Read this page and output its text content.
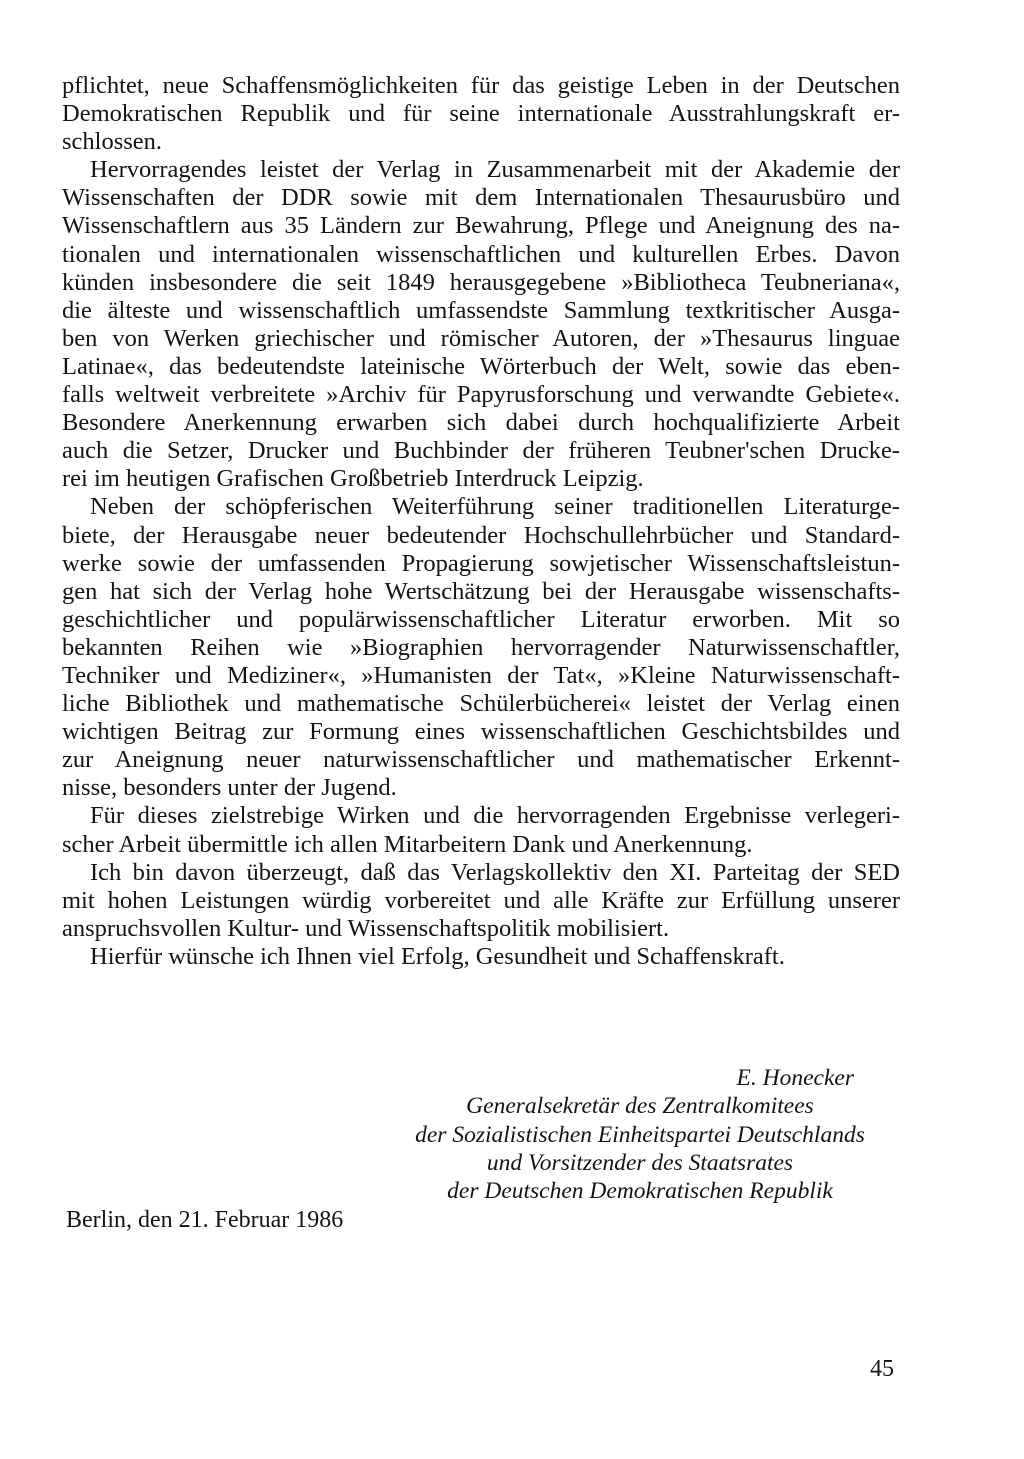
pflichtet, neue Schaffensmöglichkeiten für das geistige Leben in der Deutschen
Demokratischen Republik und für seine internationale Ausstrahlungskraft er-
schlossen.
Hervorragendes leistet der Verlag in Zusammenarbeit mit der Akademie der
Wissenschaften der DDR sowie mit dem Internationalen Thesaurusbüro und
Wissenschaftlern aus 35 Ländern zur Bewahrung, Pflege und Aneignung des na-
tionalen und internationalen wissenschaftlichen und kulturellen Erbes. Davon
künden insbesondere die seit 1849 herausgegebene »Bibliotheca Teubneriana«,
die älteste und wissenschaftlich umfassendste Sammlung textkritischer Ausga-
ben von Werken griechischer und römischer Autoren, der »Thesaurus linguae
Latinae«, das bedeutendste lateinische Wörterbuch der Welt, sowie das eben-
falls weltweit verbreitete »Archiv für Papyrusforschung und verwandte Gebiete«.
Besondere Anerkennung erwarben sich dabei durch hochqualifizierte Arbeit
auch die Setzer, Drucker und Buchbinder der früheren Teubner'schen Drucke-
rei im heutigen Grafischen Großbetrieb Interdruck Leipzig.
Neben der schöpferischen Weiterführung seiner traditionellen Literaturge-
biete, der Herausgabe neuer bedeutender Hochschullehrbücher und Standard-
werke sowie der umfassenden Propagierung sowjetischer Wissenschaftsleistun-
gen hat sich der Verlag hohe Wertschätzung bei der Herausgabe wissenschafts-
geschichtlicher und populärwissenschaftlicher Literatur erworben. Mit so
bekannten Reihen wie »Biographien hervorragender Naturwissenschaftler,
Techniker und Mediziner«, »Humanisten der Tat«, »Kleine Naturwissenschaft-
liche Bibliothek und mathematische Schülerbücherei« leistet der Verlag einen
wichtigen Beitrag zur Formung eines wissenschaftlichen Geschichtsbildes und
zur Aneignung neuer naturwissenschaftlicher und mathematischer Erkennt-
nisse, besonders unter der Jugend.
Für dieses zielstrebige Wirken und die hervorragenden Ergebnisse verlegeri-
scher Arbeit übermittle ich allen Mitarbeitern Dank und Anerkennung.
Ich bin davon überzeugt, daß das Verlagskollektiv den XI. Parteitag der SED
mit hohen Leistungen würdig vorbereitet und alle Kräfte zur Erfüllung unserer
anspruchsvollen Kultur- und Wissenschaftspolitik mobilisiert.
Hierfür wünsche ich Ihnen viel Erfolg, Gesundheit und Schaffenskraft.
E. Honecker
Generalsekretär des Zentralkomitees
der Sozialistischen Einheitspartei Deutschlands
und Vorsitzender des Staatsrates
der Deutschen Demokratischen Republik
Berlin, den 21. Februar 1986
45
